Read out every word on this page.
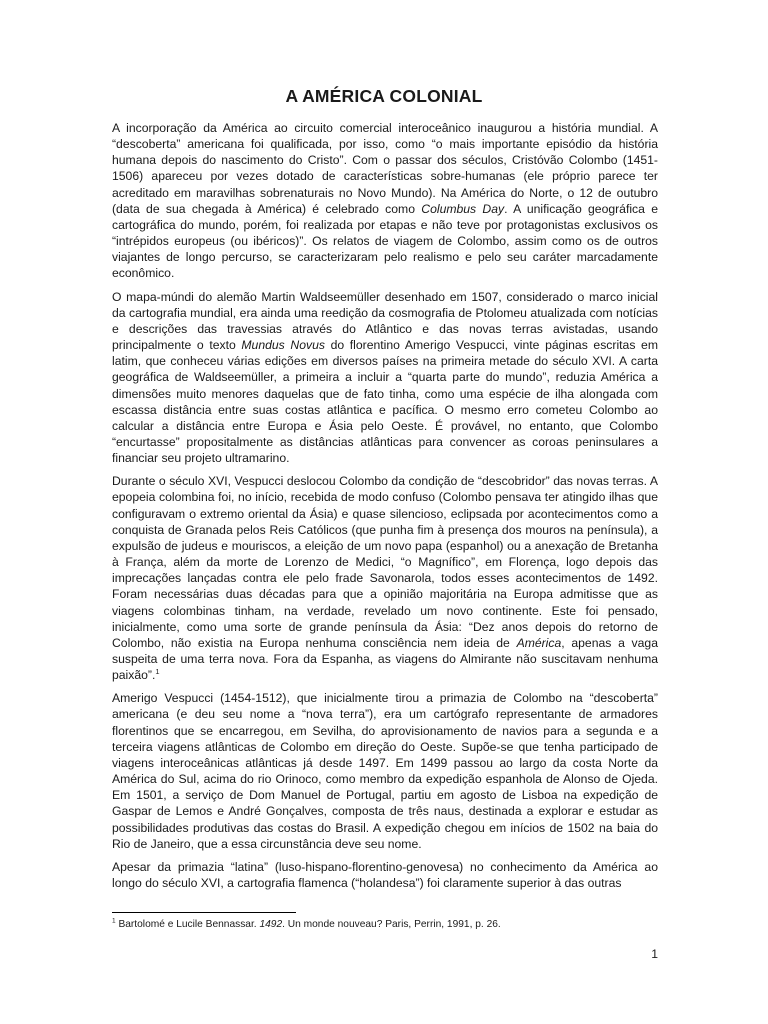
A AMÉRICA COLONIAL

A incorporação da América ao circuito comercial interoceânico inaugurou a história mundial. A “descoberta” americana foi qualificada, por isso, como “o mais importante episódio da história humana depois do nascimento do Cristo”. Com o passar dos séculos, Cristóvão Colombo (1451-1506) apareceu por vezes dotado de características sobre-humanas (ele próprio parece ter acreditado em maravilhas sobrenaturais no Novo Mundo). Na América do Norte, o 12 de outubro (data de sua chegada à América) é celebrado como Columbus Day. A unificação geográfica e cartográfica do mundo, porém, foi realizada por etapas e não teve por protagonistas exclusivos os “intrépidos europeus (ou ibéricos)”. Os relatos de viagem de Colombo, assim como os de outros viajantes de longo percurso, se caracterizaram pelo realismo e pelo seu caráter marcadamente econômico.

O mapa-múndi do alemão Martin Waldseemüller desenhado em 1507, considerado o marco inicial da cartografia mundial, era ainda uma reedição da cosmografia de Ptolomeu atualizada com notícias e descrições das travessias através do Atlântico e das novas terras avistadas, usando principalmente o texto Mundus Novus do florentino Amerigo Vespucci, vinte páginas escritas em latim, que conheceu várias edições em diversos países na primeira metade do século XVI. A carta geográfica de Waldseemüller, a primeira a incluir a “quarta parte do mundo”, reduzia América a dimensões muito menores daquelas que de fato tinha, como uma espécie de ilha alongada com escassa distância entre suas costas atlântica e pacífica. O mesmo erro cometeu Colombo ao calcular a distância entre Europa e Ásia pelo Oeste. É provável, no entanto, que Colombo “encurtasse” propositalmente as distâncias atlânticas para convencer as coroas peninsulares a financiar seu projeto ultramarino.

Durante o século XVI, Vespucci deslocou Colombo da condição de “descobridor” das novas terras. A epopeia colombina foi, no início, recebida de modo confuso (Colombo pensava ter atingido ilhas que configuravam o extremo oriental da Ásia) e quase silencioso, eclipsada por acontecimentos como a conquista de Granada pelos Reis Católicos (que punha fim à presença dos mouros na península), a expulsão de judeus e mouriscos, a eleição de um novo papa (espanhol) ou a anexação de Bretanha à França, além da morte de Lorenzo de Medici, “o Magnífico”, em Florença, logo depois das imprecações lançadas contra ele pelo frade Savonarola, todos esses acontecimentos de 1492. Foram necessárias duas décadas para que a opinião majoritária na Europa admitisse que as viagens colombinas tinham, na verdade, revelado um novo continente. Este foi pensado, inicialmente, como uma sorte de grande península da Ásia: “Dez anos depois do retorno de Colombo, não existia na Europa nenhuma consciência nem ideia de América, apenas a vaga suspeita de uma terra nova. Fora da Espanha, as viagens do Almirante não suscitavam nenhuma paixão”.$^1$

Amerigo Vespucci (1454-1512), que inicialmente tirou a primazia de Colombo na “descoberta” americana (e deu seu nome a “nova terra”), era um cartógrafo representante de armadores florentinos que se encarregou, em Sevilha, do aprovisionamento de navios para a segunda e a terceira viagens atlânticas de Colombo em direção do Oeste. Supõe-se que tenha participado de viagens interoceânicas atlânticas já desde 1497. Em 1499 passou ao largo da costa Norte da América do Sul, acima do rio Orinoco, como membro da expedição espanhola de Alonso de Ojeda. Em 1501, a serviço de Dom Manuel de Portugal, partiu em agosto de Lisboa na expedição de Gaspar de Lemos e André Gonçalves, composta de três naus, destinada a explorar e estudar as possibilidades produtivas das costas do Brasil. A expedição chegou em inícios de 1502 na baia do Rio de Janeiro, que a essa circunstância deve seu nome.

Apesar da primazia “latina” (luso-hispano-florentino-genovesa) no conhecimento da América ao longo do século XVI, a cartografia flamenca (“holandesa”) foi claramente superior à das outras

$^1$ Bartolomé e Lucile Bennassar. 1492. Un monde nouveau? Paris, Perrin, 1991, p. 26.
1
